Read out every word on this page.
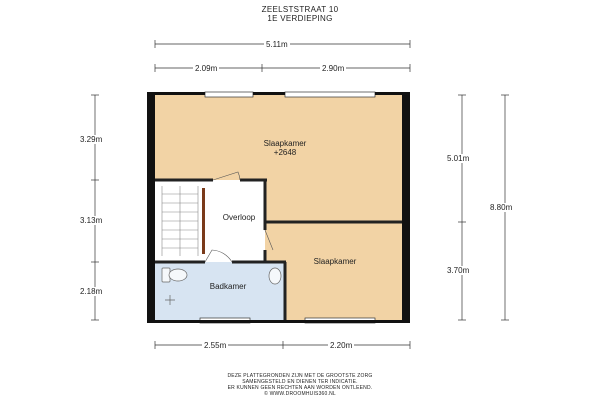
ZEELSTSTRAAT 10
1E VERDIEPING
5.11m
2.09m	2.90m
3.29m
3.13m
2.18m
5.01m
3.70m
8.80m
2.55m	2.20m
Slaapkamer
+2648
Overloop
Slaapkamer
Badkamer
DEZE PLATTEGRONDEN ZIJN MET DE GROOTSTE ZORG
SAMENGESTELD EN DIENEN TER INDICATIE.
ER KUNNEN GEEN RECHTEN AAN WORDEN ONTLEEND.
© WWW.DROOMHUIS360.NL
